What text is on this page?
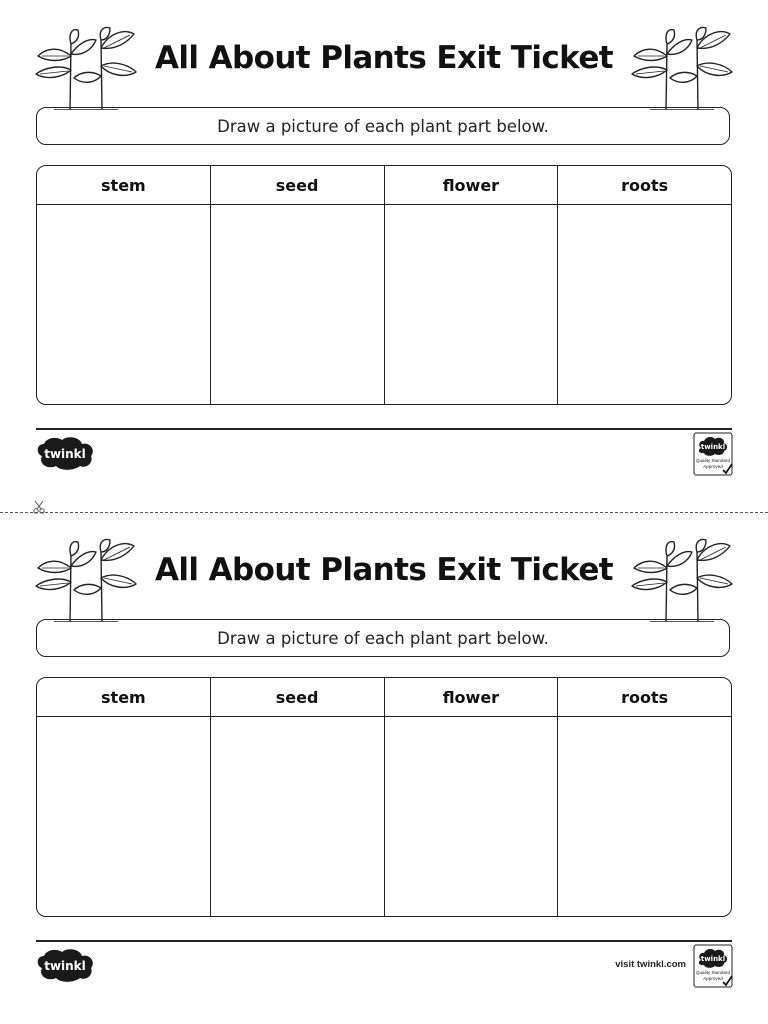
All About Plants Exit Ticket
Draw a picture of each plant part below.
stem	seed	flower	roots
twinkl	twinkl
Quality Standard
Approved
All About Plants Exit Ticket
Draw a picture of each plant part below.
stem	seed	flower	roots
twinkl	visit twinkl.com twinkl
Quality Standard
Approved
